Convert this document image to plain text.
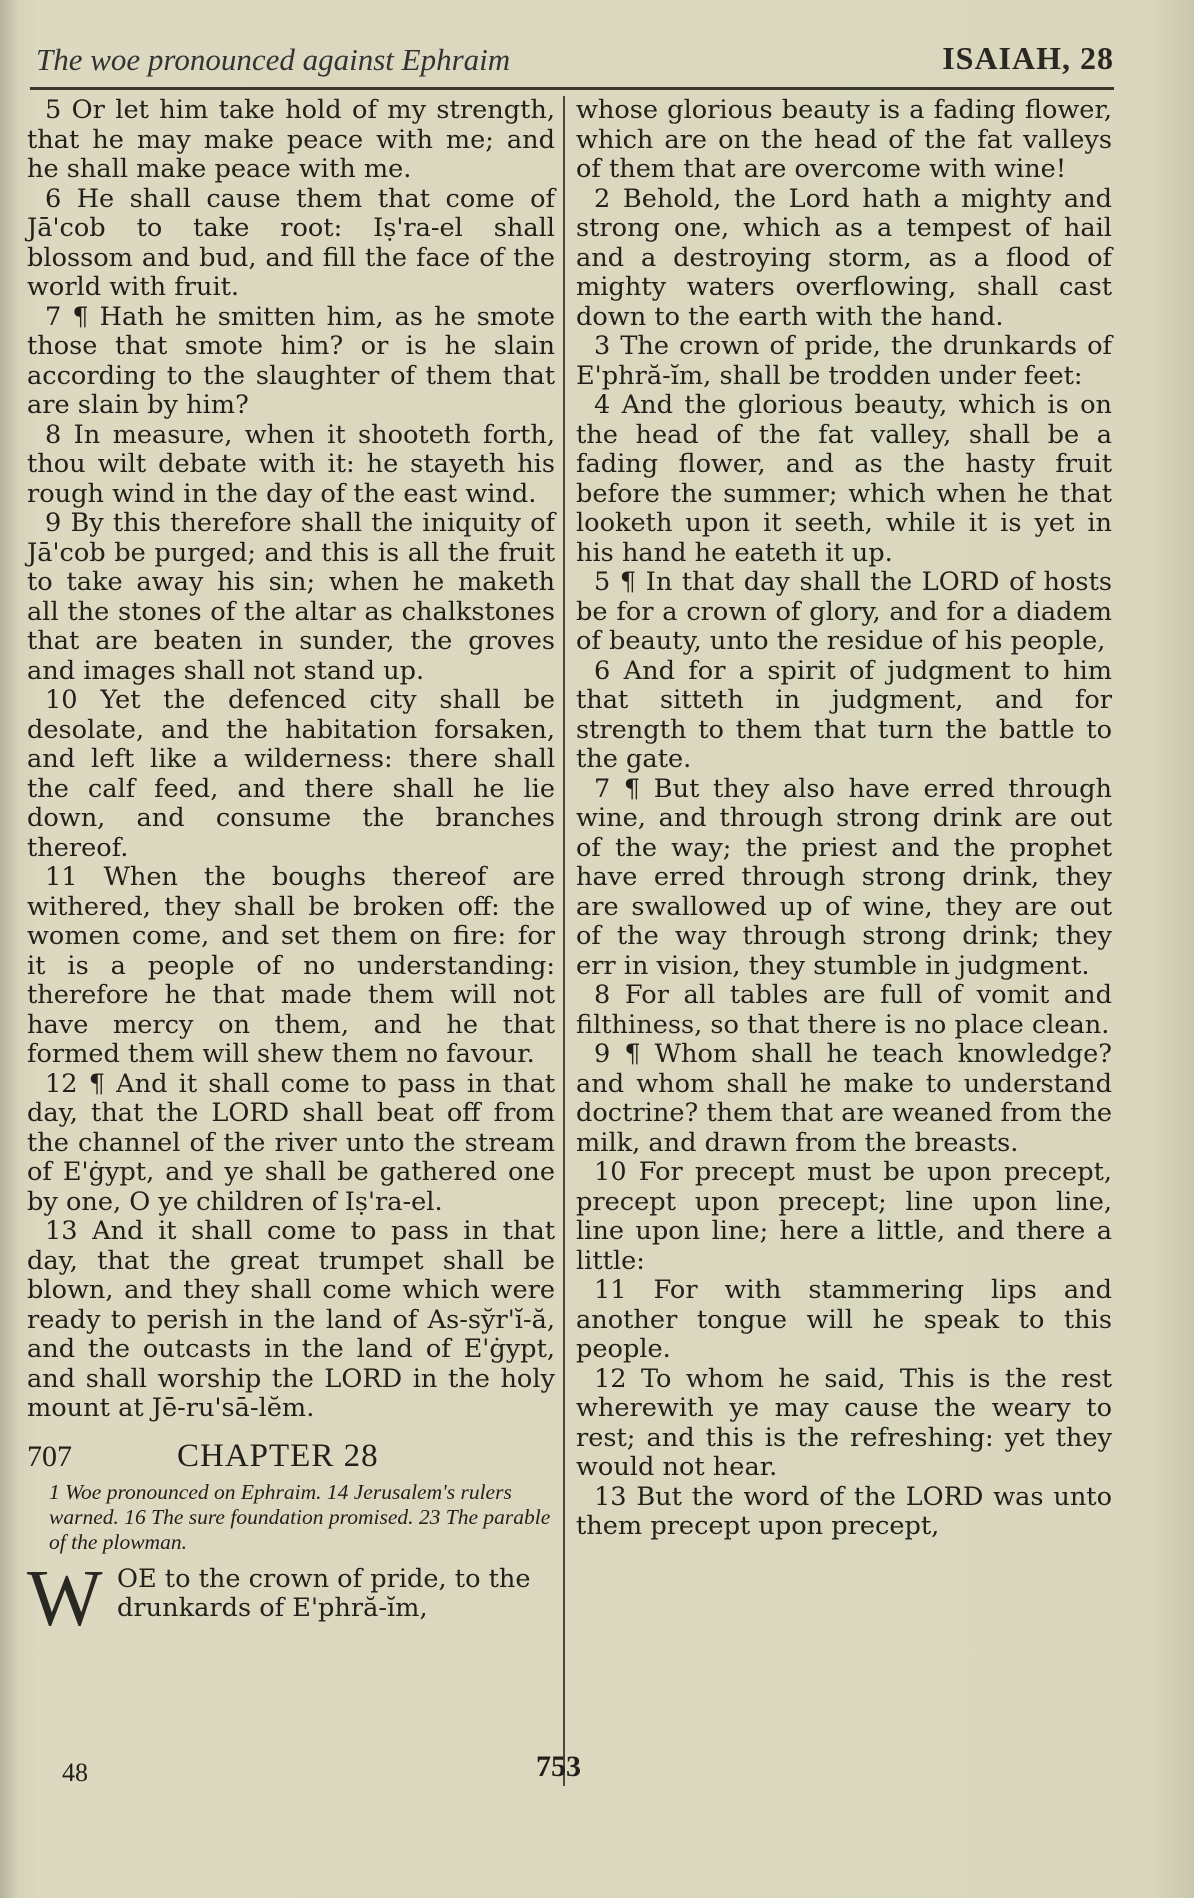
The woe pronounced against Ephraim	ISAIAH, 28

5 Or let him take hold of my strength, that he may make peace with me; and he shall make peace with me.

6 He shall cause them that come of Jā'cob to take root: Iṣ'ra-el shall blossom and bud, and fill the face of the world with fruit.

7 ¶ Hath he smitten him, as he smote those that smote him? or is he slain according to the slaughter of them that are slain by him?

8 In measure, when it shooteth forth, thou wilt debate with it: he stayeth his rough wind in the day of the east wind.

9 By this therefore shall the iniquity of Jā'cob be purged; and this is all the fruit to take away his sin; when he maketh all the stones of the altar as chalkstones that are beaten in sunder, the groves and images shall not stand up.

10 Yet the defenced city shall be desolate, and the habitation forsaken, and left like a wilderness: there shall the calf feed, and there shall he lie down, and consume the branches thereof.

11 When the boughs thereof are withered, they shall be broken off: the women come, and set them on fire: for it is a people of no understanding: therefore he that made them will not have mercy on them, and he that formed them will shew them no favour.

12 ¶ And it shall come to pass in that day, that the LORD shall beat off from the channel of the river unto the stream of E'ġypt, and ye shall be gathered one by one, O ye children of Iṣ'ra-el.

13 And it shall come to pass in that day, that the great trumpet shall be blown, and they shall come which were ready to perish in the land of As-sy̆r'ĭ-ă, and the outcasts in the land of E'ġypt, and shall worship the LORD in the holy mount at Jē-ru'sā-lĕm.

707	CHAPTER 28
1 Woe pronounced on Ephraim. 14 Jerusalem's rulers warned. 16 The sure foundation promised. 23 The parable of the plowman.
W OE to the crown of pride, to the drunkards of E'phră-ĭm,

whose glorious beauty is a fading flower, which are on the head of the fat valleys of them that are overcome with wine!

2 Behold, the Lord hath a mighty and strong one, which as a tempest of hail and a destroying storm, as a flood of mighty waters overflowing, shall cast down to the earth with the hand.

3 The crown of pride, the drunkards of E'phră-ĭm, shall be trodden under feet:

4 And the glorious beauty, which is on the head of the fat valley, shall be a fading flower, and as the hasty fruit before the summer; which when he that looketh upon it seeth, while it is yet in his hand he eateth it up.

5 ¶ In that day shall the LORD of hosts be for a crown of glory, and for a diadem of beauty, unto the residue of his people,

6 And for a spirit of judgment to him that sitteth in judgment, and for strength to them that turn the battle to the gate.

7 ¶ But they also have erred through wine, and through strong drink are out of the way; the priest and the prophet have erred through strong drink, they are swallowed up of wine, they are out of the way through strong drink; they err in vision, they stumble in judgment.

8 For all tables are full of vomit and filthiness, so that there is no place clean.

9 ¶ Whom shall he teach knowledge? and whom shall he make to understand doctrine? them that are weaned from the milk, and drawn from the breasts.

10 For precept must be upon precept, precept upon precept; line upon line, line upon line; here a little, and there a little:

11 For with stammering lips and another tongue will he speak to this people.

12 To whom he said, This is the rest wherewith ye may cause the weary to rest; and this is the refreshing: yet they would not hear.

13 But the word of the LORD was unto them precept upon precept,

48	753
